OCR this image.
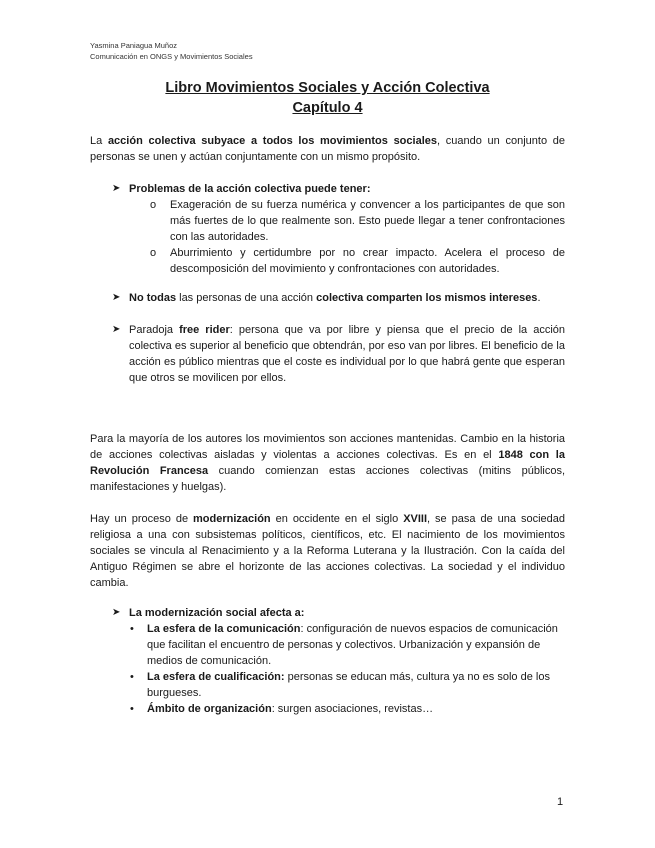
Yasmina Paniagua Muñoz
Comunicación en ONGS y Movimientos Sociales
Libro Movimientos Sociales y Acción Colectiva
Capítulo 4
La acción colectiva subyace a todos los movimientos sociales, cuando un conjunto de personas se unen y actúan conjuntamente con un mismo propósito.
➤ Problemas de la acción colectiva puede tener:
o Exageración de su fuerza numérica y convencer a los participantes de que son más fuertes de lo que realmente son. Esto puede llegar a tener confrontaciones con las autoridades.
o Aburrimiento y certidumbre por no crear impacto. Acelera el proceso de descomposición del movimiento y confrontaciones con autoridades.
➤ No todas las personas de una acción colectiva comparten los mismos intereses.
➤ Paradoja free rider: persona que va por libre y piensa que el precio de la acción colectiva es superior al beneficio que obtendrán, por eso van por libres. El beneficio de la acción es público mientras que el coste es individual por lo que habrá gente que esperan que otros se movilicen por ellos.
Para la mayoría de los autores los movimientos son acciones mantenidas. Cambio en la historia de acciones colectivas aisladas y violentas a acciones colectivas. Es en el 1848 con la Revolución Francesa cuando comienzan estas acciones colectivas (mitins públicos, manifestaciones y huelgas).
Hay un proceso de modernización en occidente en el siglo XVIII, se pasa de una sociedad religiosa a una con subsistemas políticos, científicos, etc. El nacimiento de los movimientos sociales se vincula al Renacimiento y a la Reforma Luterana y la Ilustración. Con la caída del Antiguo Régimen se abre el horizonte de las acciones colectivas. La sociedad y el individuo cambia.
➤ La modernización social afecta a:
• La esfera de la comunicación: configuración de nuevos espacios de comunicación que facilitan el encuentro de personas y colectivos. Urbanización y expansión de medios de comunicación.
• La esfera de cualificación: personas se educan más, cultura ya no es solo de los burgueses.
• Ámbito de organización: surgen asociaciones, revistas…
1
